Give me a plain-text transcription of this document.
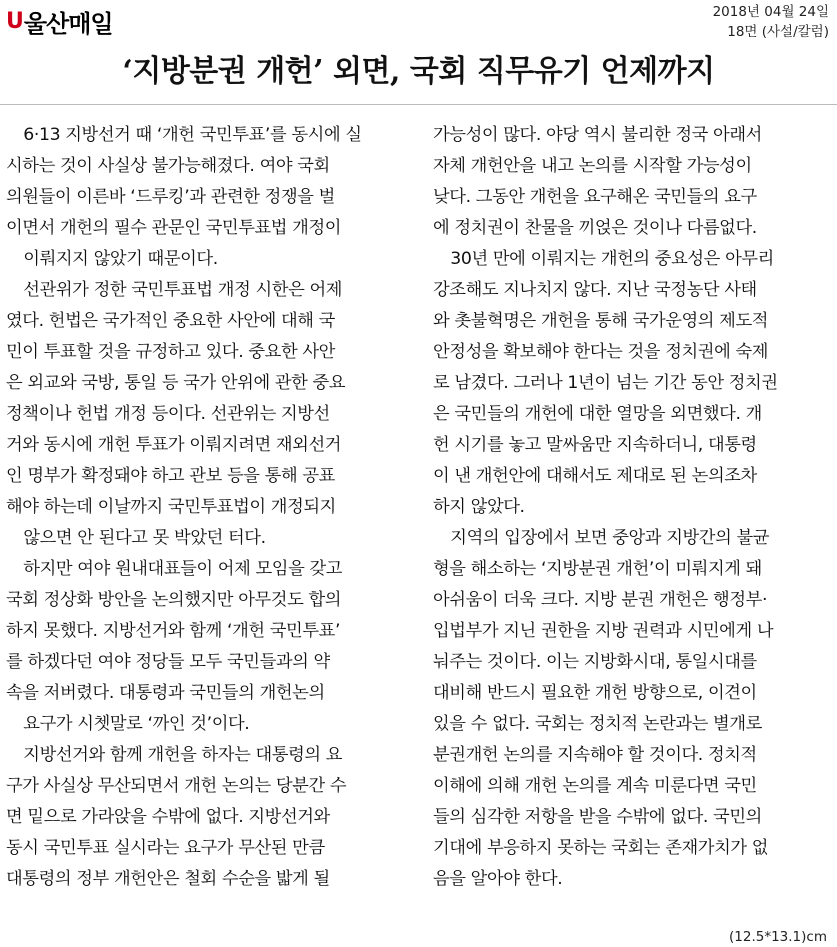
U 울산매일	2018년 04월 24일
18면 (사설/칼럼)
‘지방분권 개헌’ 외면, 국회 직무유기 언제까지
6·13 지방선거 때 ‘개헌 국민투표’를 동시에 실
시하는 것이 사실상 불가능해졌다. 여야 국회
의원들이 이른바 ‘드루킹’과 관련한 정쟁을 벌
이면서 개헌의 필수 관문인 국민투표법 개정이
이뤄지지 않았기 때문이다.
선관위가 정한 국민투표법 개정 시한은 어제
였다. 헌법은 국가적인 중요한 사안에 대해 국
민이 투표할 것을 규정하고 있다. 중요한 사안
은 외교와 국방, 통일 등 국가 안위에 관한 중요
정책이나 헌법 개정 등이다. 선관위는 지방선
거와 동시에 개헌 투표가 이뤄지려면 재외선거
인 명부가 확정돼야 하고 관보 등을 통해 공표
해야 하는데 이날까지 국민투표법이 개정되지
않으면 안 된다고 못 박았던 터다.
하지만 여야 원내대표들이 어제 모임을 갖고
국회 정상화 방안을 논의했지만 아무것도 합의
하지 못했다. 지방선거와 함께 ‘개헌 국민투표’
를 하겠다던 여야 정당들 모두 국민들과의 약
속을 저버렸다. 대통령과 국민들의 개헌논의
요구가 시쳇말로 ‘까인 것’이다.
지방선거와 함께 개헌을 하자는 대통령의 요
구가 사실상 무산되면서 개헌 논의는 당분간 수
면 밑으로 가라앉을 수밖에 없다. 지방선거와
동시 국민투표 실시라는 요구가 무산된 만큼
대통령의 정부 개헌안은 철회 수순을 밟게 될
가능성이 많다. 야당 역시 불리한 정국 아래서
자체 개헌안을 내고 논의를 시작할 가능성이
낮다. 그동안 개헌을 요구해온 국민들의 요구
에 정치권이 찬물을 끼얹은 것이나 다름없다.
30년 만에 이뤄지는 개헌의 중요성은 아무리
강조해도 지나치지 않다. 지난 국정농단 사태
와 촛불혁명은 개헌을 통해 국가운영의 제도적
안정성을 확보해야 한다는 것을 정치권에 숙제
로 남겼다. 그러나 1년이 넘는 기간 동안 정치권
은 국민들의 개헌에 대한 열망을 외면했다. 개
헌 시기를 놓고 말싸움만 지속하더니, 대통령
이 낸 개헌안에 대해서도 제대로 된 논의조차
하지 않았다.
지역의 입장에서 보면 중앙과 지방간의 불균
형을 해소하는 ‘지방분권 개헌’이 미뤄지게 돼
아쉬움이 더욱 크다. 지방 분권 개헌은 행정부·
입법부가 지닌 권한을 지방 권력과 시민에게 나
눠주는 것이다. 이는 지방화시대, 통일시대를
대비해 반드시 필요한 개헌 방향으로, 이견이
있을 수 없다. 국회는 정치적 논란과는 별개로
분권개헌 논의를 지속해야 할 것이다. 정치적
이해에 의해 개헌 논의를 계속 미룬다면 국민
들의 심각한 저항을 받을 수밖에 없다. 국민의
기대에 부응하지 못하는 국회는 존재가치가 없
음을 알아야 한다.
(12.5*13.1)cm
